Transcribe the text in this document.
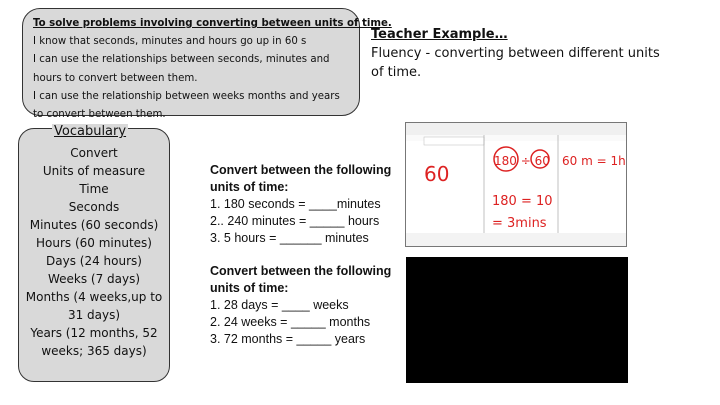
To solve problems involving converting between units of time.
I know that seconds, minutes and hours go up in 60 s
I can use the relationships between seconds, minutes and hours to convert between them.
I can use the relationship between weeks months and years to convert between them.
Teacher Example…
Fluency - converting between different units of time.
Vocabulary
Convert
Units of measure
Time
Seconds
Minutes (60 seconds)
Hours (60 minutes)
Days (24 hours)
Weeks (7 days)
Months (4 weeks,up to 31 days)
Years (12 months, 52 weeks; 365 days)
Convert between the following units of time:
1. 180 seconds = ____minutes
2.. 240 minutes = _____ hours
3. 5 hours = ______ minutes
Convert between the following units of time:
1. 28 days = ____ weeks
2. 24 weeks = _____ months
3. 72 months = _____ years
60
180 ÷ 60
180 = 10
= 3mins
60 m = 1h
